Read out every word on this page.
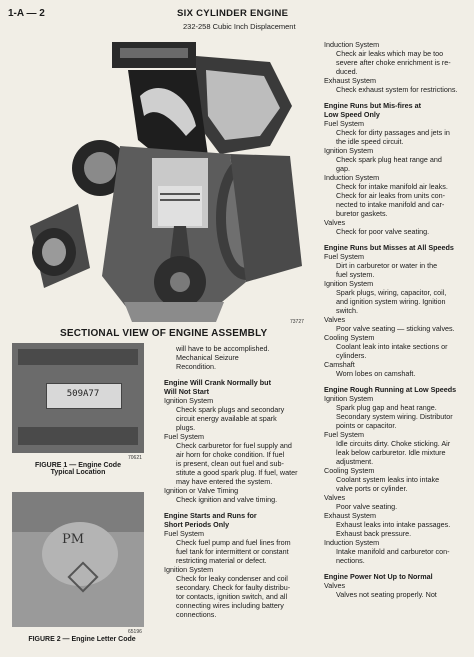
1-A — 2	SIX CYLINDER ENGINE
232-258 Cubic Inch Displacement
73727
SECTIONAL VIEW OF ENGINE ASSEMBLY
509A77
70621
FIGURE 1 — Engine Code
Typical Location
PM
65196
FIGURE 2 — Engine Letter Code
will have to be accomplished.
Mechanical Seizure
Recondition.
Engine Will Crank Normally but
Will Not Start
Ignition System
Check spark plugs and secondary
circuit energy available at spark
plugs.
Fuel System
Check carburetor for fuel supply and
air horn for choke condition. If fuel
is present, clean out fuel and sub-
stitute a good spark plug. If fuel, water
may have entered the system.
Ignition or Valve Timing
Check ignition and valve timing.
Engine Starts and Runs for
Short Periods Only
Fuel System
Check fuel pump and fuel lines from
fuel tank for intermittent or constant
restricting material or defect.
Ignition System
Check for leaky condenser and coil
secondary. Check for faulty distribu-
tor contacts, ignition switch, and all
connecting wires including battery
connections.
Induction System
Check air leaks which may be too
severe after choke enrichment is re-
duced.
Exhaust System
Check exhaust system for restrictions.
Engine Runs but Mis-fires at
Low Speed Only
Fuel System
Check for dirty passages and jets in
the idle speed circuit.
Ignition System
Check spark plug heat range and
gap.
Induction System
Check for intake manifold air leaks.
Check for air leaks from units con-
nected to intake manifold and car-
buretor gaskets.
Valves
Check for poor valve seating.
Engine Runs but Misses at All Speeds
Fuel System
Dirt in carburetor or water in the
fuel system.
Ignition System
Spark plugs, wiring, capacitor, coil,
and ignition system wiring. Ignition
switch.
Valves
Poor valve seating — sticking valves.
Cooling System
Coolant leak into intake sections or
cylinders.
Camshaft
Worn lobes on camshaft.
Engine Rough Running at Low Speeds
Ignition System
Spark plug gap and heat range.
Secondary system wiring. Distributor
points or capacitor.
Fuel System
Idle circuits dirty. Choke sticking. Air
leak below carburetor. Idle mixture
adjustment.
Cooling System
Coolant system leaks into intake
valve ports or cylinder.
Valves
Poor valve seating.
Exhaust System
Exhaust leaks into intake passages.
Exhaust back pressure.
Induction System
Intake manifold and carburetor con-
nections.
Engine Power Not Up to Normal
Valves
Valves not seating properly. Not
